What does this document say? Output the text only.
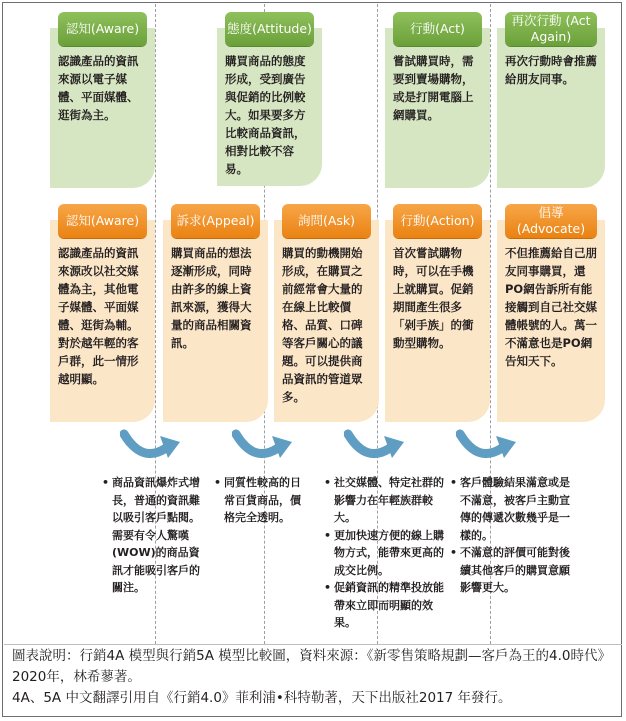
認識產品的資訊來源以電子媒體、平面媒體、逛街為主。
認知(Aware)
購買商品的態度形成，受到廣告與促銷的比例較大。如果要多方比較商品資訊，相對比較不容易。
態度(Attitude)
嘗試購買時，需要到賣場購物，或是打開電腦上網購買。
行動(Act)
再次行動時會推薦給朋友同事。
再次行動 (Act Again)
認識產品的資訊來源改以社交媒體為主，其他電子媒體、平面媒體、逛街為輔。對於越年輕的客戶群，此一情形越明顯。
認知(Aware)
購買商品的想法逐漸形成，同時由許多的線上資訊來源，獲得大量的商品相關資訊。
訴求(Appeal)
購買的動機開始形成，在購買之前經常會大量的在線上比較價格、品質、口碑等客戶關心的議題。可以提供商品資訊的管道眾多。
詢問(Ask)
首次嘗試購物時，可以在手機上就購買。促銷期間產生很多「剁手族」的衝動型購物。
行動(Action)
不但推薦給自己朋友同事購買，還PO網告訴所有能接觸到自己社交媒體帳號的人。萬一不滿意也是PO網告知天下。
倡導(Advocate)
• 商品資訊爆炸式增長，普通的資訊難以吸引客戶點閱。需要有令人驚嘆(WOW)的商品資訊才能吸引客戶的關注。
• 同質性較高的日常百貨商品，價格完全透明。
• 社交媒體、特定社群的影響力在年輕族群較大。
• 更加快速方便的線上購物方式，能帶來更高的成交比例。
• 促銷資訊的精準投放能帶來立即而明顯的效果。
• 客戶體驗結果滿意或是不滿意，被客戶主動宣傳的傳遞次數幾乎是一樣的。
• 不滿意的評價可能對後續其他客戶的購買意願影響更大。
圖表說明：行銷4A 模型與行銷5A 模型比較圖，資料來源：《新零售策略規劃—客戶為王的4.0時代》2020年，林希蓼著。
4A、5A 中文翻譯引用自《行銷4.0》菲利浦•科特勒著，天下出版社2017 年發行。
